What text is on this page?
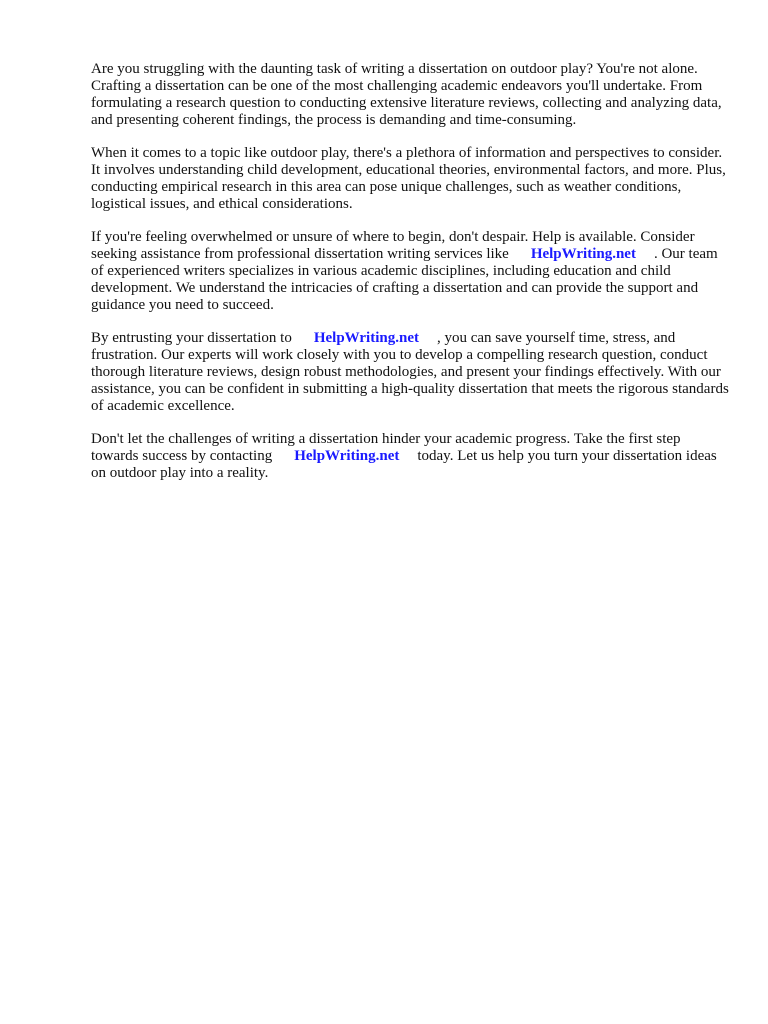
Are you struggling with the daunting task of writing a dissertation on outdoor play? You're not alone. Crafting a dissertation can be one of the most challenging academic endeavors you'll undertake. From formulating a research question to conducting extensive literature reviews, collecting and analyzing data, and presenting coherent findings, the process is demanding and time-consuming.

When it comes to a topic like outdoor play, there's a plethora of information and perspectives to consider. It involves understanding child development, educational theories, environmental factors, and more. Plus, conducting empirical research in this area can pose unique challenges, such as weather conditions, logistical issues, and ethical considerations.

If you're feeling overwhelmed or unsure of where to begin, don't despair. Help is available. Consider seeking assistance from professional dissertation writing services like HelpWriting.net . Our team of experienced writers specializes in various academic disciplines, including education and child development. We understand the intricacies of crafting a dissertation and can provide the support and guidance you need to succeed.

By entrusting your dissertation to HelpWriting.net , you can save yourself time, stress, and frustration. Our experts will work closely with you to develop a compelling research question, conduct thorough literature reviews, design robust methodologies, and present your findings effectively. With our assistance, you can be confident in submitting a high-quality dissertation that meets the rigorous standards of academic excellence.

Don't let the challenges of writing a dissertation hinder your academic progress. Take the first step towards success by contacting HelpWriting.net today. Let us help you turn your dissertation ideas on outdoor play into a reality.
